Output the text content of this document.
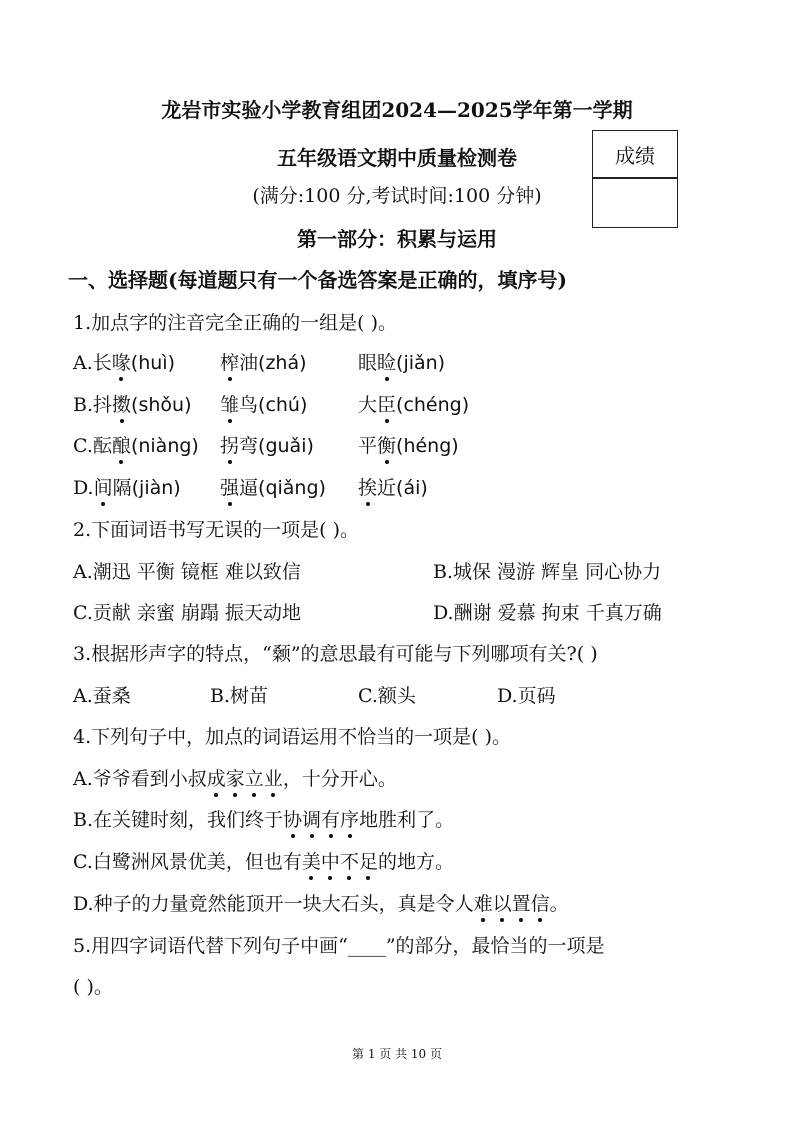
龙岩市实验小学教育组团2024—2025学年第一学期
五年级语文期中质量检测卷
(满分:100 分,考试时间:100 分钟)
第一部分：积累与运用
成绩
一、选择题(每道题只有一个备选答案是正确的，填序号)
1.加点字的注音完全正确的一组是( )。
A.长喙(huì) 榨油(zhá)	眼睑(jiǎn)
B.抖擞(shǒu) 雏鸟(chú)	大臣(chéng)
C.酝酿(niàng) 拐弯(guǎi) 平衡(héng)
D.间隔(jiàn) 强逼(qiǎng) 挨近(ái)
2.下面词语书写无误的一项是( )。
A.潮迅 平衡 镜框 难以致信	B.城保 漫游 辉皇 同心协力
C.贡献 亲蜜 崩蹋 振天动地	D.酬谢 爱慕 拘束 千真万确
3.根据形声字的特点，“颡”的意思最有可能与下列哪项有关?( )
A.蚕桑	B.树苗	C.额头	D.页码
4.下列句子中，加点的词语运用不恰当的一项是( )。
A.爷爷看到小叔成家立业，十分开心。
B.在关键时刻，我们终于协调有序地胜利了。
C.白鹭洲风景优美，但也有美中不足的地方。
D.种子的力量竟然能顶开一块大石头，真是令人难以置信。
5.用四字词语代替下列句子中画“____”的部分，最恰当的一项是
( )。
第 1 页 共 10 页
